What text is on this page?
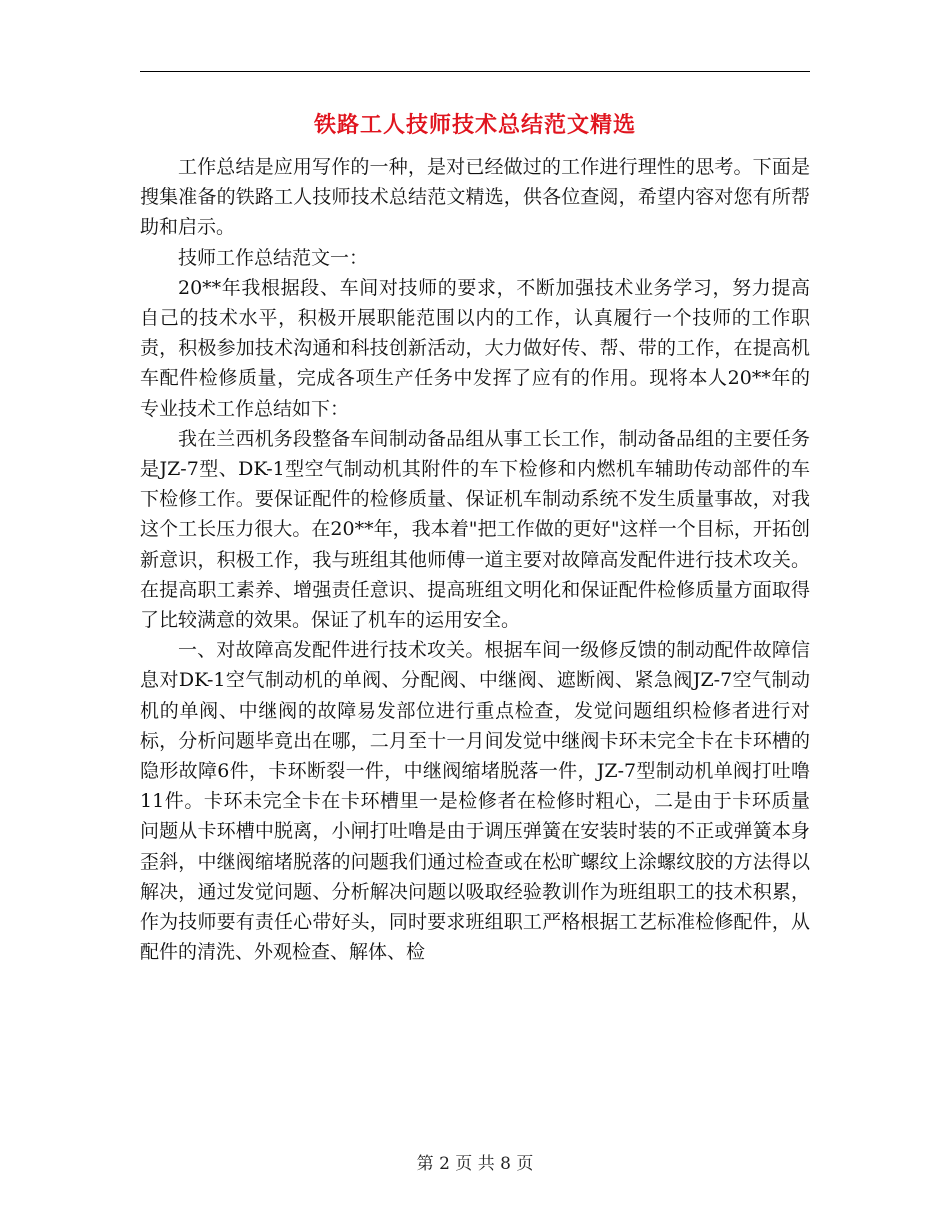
铁路工人技师技术总结范文精选

工作总结是应用写作的一种，是对已经做过的工作进行理性的思考。下面是搜集准备的铁路工人技师技术总结范文精选，供各位查阅，希望内容对您有所帮助和启示。

技师工作总结范文一：

20**年我根据段、车间对技师的要求，不断加强技术业务学习，努力提高自己的技术水平，积极开展职能范围以内的工作，认真履行一个技师的工作职责，积极参加技术沟通和科技创新活动，大力做好传、帮、带的工作，在提高机车配件检修质量，完成各项生产任务中发挥了应有的作用。现将本人20**年的专业技术工作总结如下：

我在兰西机务段整备车间制动备品组从事工长工作，制动备品组的主要任务是JZ-7型、DK-1型空气制动机其附件的车下检修和内燃机车辅助传动部件的车下检修工作。要保证配件的检修质量、保证机车制动系统不发生质量事故，对我这个工长压力很大。在20**年，我本着"把工作做的更好"这样一个目标，开拓创新意识，积极工作，我与班组其他师傅一道主要对故障高发配件进行技术攻关。在提高职工素养、增强责任意识、提高班组文明化和保证配件检修质量方面取得了比较满意的效果。保证了机车的运用安全。

一、对故障高发配件进行技术攻关。根据车间一级修反馈的制动配件故障信息对DK-1空气制动机的单阀、分配阀、中继阀、遮断阀、紧急阀JZ-7空气制动机的单阀、中继阀的故障易发部位进行重点检查，发觉问题组织检修者进行对标，分析问题毕竟出在哪，二月至十一月间发觉中继阀卡环未完全卡在卡环槽的隐形故障6件，卡环断裂一件，中继阀缩堵脱落一件，JZ-7型制动机单阀打吐噜11件。卡环未完全卡在卡环槽里一是检修者在检修时粗心，二是由于卡环质量问题从卡环槽中脱离，小闸打吐噜是由于调压弹簧在安装时装的不正或弹簧本身歪斜，中继阀缩堵脱落的问题我们通过检查或在松旷螺纹上涂螺纹胶的方法得以解决，通过发觉问题、分析解决问题以吸取经验教训作为班组职工的技术积累，作为技师要有责任心带好头，同时要求班组职工严格根据工艺标准检修配件，从配件的清洗、外观检查、解体、检

第 2 页 共 8 页
